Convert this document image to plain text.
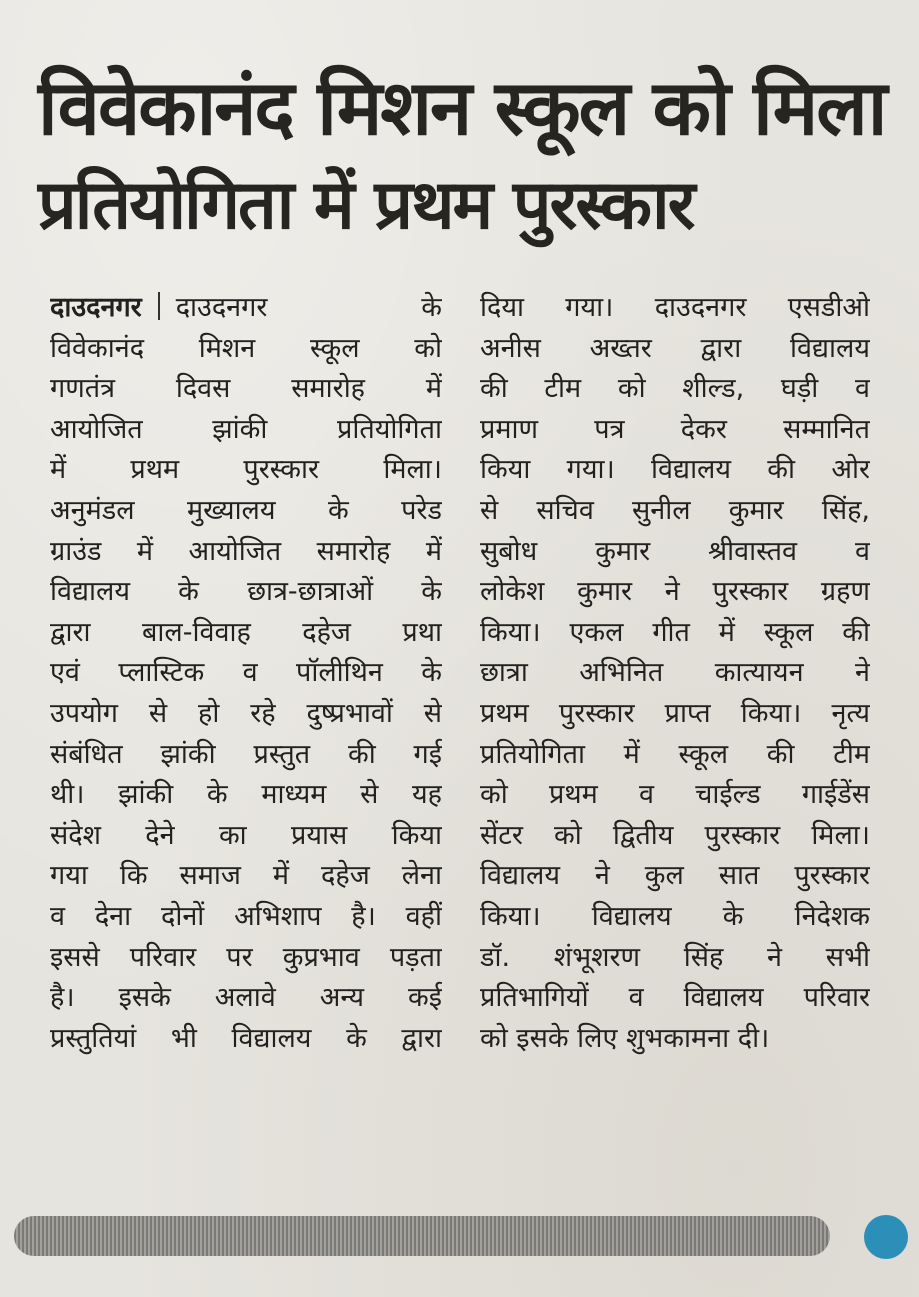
विवेकानंद मिशन स्कूल को मिला
प्रतियोगिता में प्रथम पुरस्कार
दाउदनगर दाउदनगर के
विवेकानंद मिशन स्कूल को
गणतंत्र दिवस समारोह में
आयोजित झांकी प्रतियोगिता
में प्रथम पुरस्कार मिला।
अनुमंडल मुख्यालय के परेड
ग्राउंड में आयोजित समारोह में
विद्यालय के छात्र-छात्राओं के
द्वारा बाल-विवाह दहेज प्रथा
एवं प्लास्टिक व पॉलीथिन के
उपयोग से हो रहे दुष्प्रभावों से
संबंधित झांकी प्रस्तुत की गई
थी। झांकी के माध्यम से यह
संदेश देने का प्रयास किया
गया कि समाज में दहेज लेना
व देना दोनों अभिशाप है। वहीं
इससे परिवार पर कुप्रभाव पड़ता
है। इसके अलावे अन्य कई
प्रस्तुतियां भी विद्यालय के द्वारा
दिया गया। दाउदनगर एसडीओ
अनीस अख्तर द्वारा विद्यालय
की टीम को शील्ड, घड़ी व
प्रमाण पत्र देकर सम्मानित
किया गया। विद्यालय की ओर
से सचिव सुनील कुमार सिंह,
सुबोध कुमार श्रीवास्तव व
लोकेश कुमार ने पुरस्कार ग्रहण
किया। एकल गीत में स्कूल की
छात्रा अभिनित कात्यायन ने
प्रथम पुरस्कार प्राप्त किया। नृत्य
प्रतियोगिता में स्कूल की टीम
को प्रथम व चाईल्ड गाईडेंस
सेंटर को द्वितीय पुरस्कार मिला।
विद्यालय ने कुल सात पुरस्कार
किया। विद्यालय के निदेशक
डॉ. शंभूशरण सिंह ने सभी
प्रतिभागियों व विद्यालय परिवार
को इसके लिए शुभकामना दी।
